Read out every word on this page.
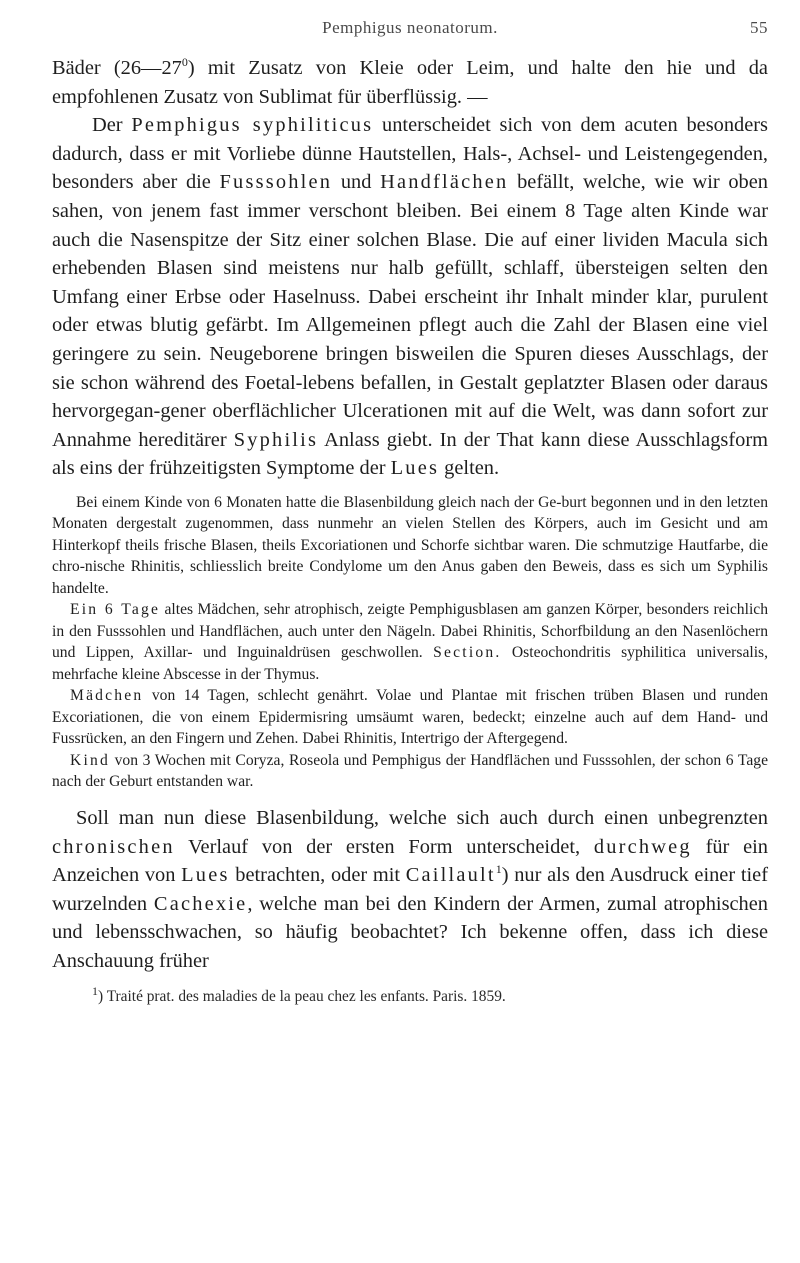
Pemphigus neonatorum.	55

Bäder $(26—27^0)$ mit Zusatz von Kleie oder Leim, und halte den hie und da empfohlenen Zusatz von Sublimat für überflüssig. —

Der Pemphigus syphiliticus unterscheidet sich von dem acuten besonders dadurch, dass er mit Vorliebe dünne Hautstellen, Hals-, Achsel- und Leistengegenden, besonders aber die Fusssohlen und Handflächen befällt, welche, wie wir oben sahen, von jenem fast immer verschont bleiben. Bei einem 8 Tage alten Kinde war auch die Nasenspitze der Sitz einer solchen Blase. Die auf einer lividen Macula sich erhebenden Blasen sind meistens nur halb gefüllt, schlaff, übersteigen selten den Umfang einer Erbse oder Haselnuss. Dabei erscheint ihr Inhalt minder klar, purulent oder etwas blutig gefärbt. Im Allgemeinen pflegt auch die Zahl der Blasen eine viel geringere zu sein. Neugeborene bringen bisweilen die Spuren dieses Ausschlags, der sie schon während des Foetal-lebens befallen, in Gestalt geplatzter Blasen oder daraus hervorgegan-gener oberflächlicher Ulcerationen mit auf die Welt, was dann sofort zur Annahme hereditärer Syphilis Anlass giebt. In der That kann diese Ausschlagsform als eins der frühzeitigsten Symptome der Lues gelten.

Bei einem Kinde von 6 Monaten hatte die Blasenbildung gleich nach der Ge-burt begonnen und in den letzten Monaten dergestalt zugenommen, dass nunmehr an vielen Stellen des Körpers, auch im Gesicht und am Hinterkopf theils frische Blasen, theils Excoriationen und Schorfe sichtbar waren. Die schmutzige Hautfarbe, die chro-nische Rhinitis, schliesslich breite Condylome um den Anus gaben den Beweis, dass es sich um Syphilis handelte.

Ein 6 Tage altes Mädchen, sehr atrophisch, zeigte Pemphigusblasen am ganzen Körper, besonders reichlich in den Fusssohlen und Handflächen, auch unter den Nägeln. Dabei Rhinitis, Schorfbildung an den Nasenlöchern und Lippen, Axillar- und Inguinaldrüsen geschwollen. Section. Osteochondritis syphilitica universalis, mehrfache kleine Abscesse in der Thymus.

Mädchen von 14 Tagen, schlecht genährt. Volae und Plantae mit frischen trüben Blasen und runden Excoriationen, die von einem Epidermisring umsäumt waren, bedeckt; einzelne auch auf dem Hand- und Fussrücken, an den Fingern und Zehen. Dabei Rhinitis, Intertrigo der Aftergegend.

Kind von 3 Wochen mit Coryza, Roseola und Pemphigus der Handflächen und Fusssohlen, der schon 6 Tage nach der Geburt entstanden war.

Soll man nun diese Blasenbildung, welche sich auch durch einen unbegrenzten chronischen Verlauf von der ersten Form unterscheidet, durchweg für ein Anzeichen von Lues betrachten, oder mit Caillault$^1$) nur als den Ausdruck einer tief wurzelnden Cachexie, welche man bei den Kindern der Armen, zumal atrophischen und lebensschwachen, so häufig beobachtet? Ich bekenne offen, dass ich diese Anschauung früher

$^1$) Traité prat. des maladies de la peau chez les enfants. Paris. 1859.
